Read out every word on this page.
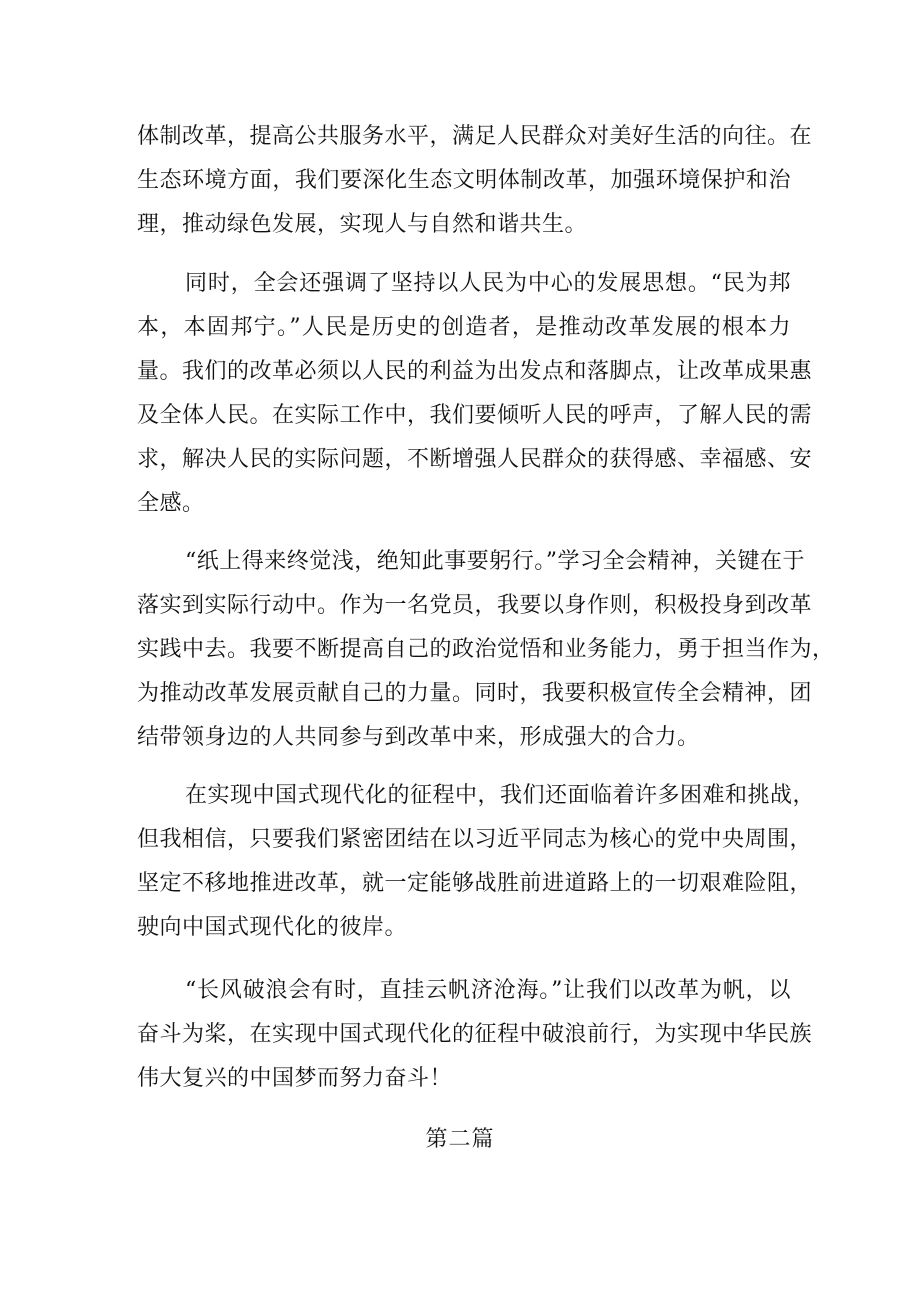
体制改革，提高公共服务水平，满足人民群众对美好生活的向往。在
生态环境方面，我们要深化生态文明体制改革，加强环境保护和治
理，推动绿色发展，实现人与自然和谐共生。
同时，全会还强调了坚持以人民为中心的发展思想。“民为邦
本，本固邦宁。”人民是历史的创造者，是推动改革发展的根本力
量。我们的改革必须以人民的利益为出发点和落脚点，让改革成果惠
及全体人民。在实际工作中，我们要倾听人民的呼声，了解人民的需
求，解决人民的实际问题，不断增强人民群众的获得感、幸福感、安
全感。
“纸上得来终觉浅，绝知此事要躬行。”学习全会精神，关键在于
落实到实际行动中。作为一名党员，我要以身作则，积极投身到改革
实践中去。我要不断提高自己的政治觉悟和业务能力，勇于担当作为，
为推动改革发展贡献自己的力量。同时，我要积极宣传全会精神，团
结带领身边的人共同参与到改革中来，形成强大的合力。
在实现中国式现代化的征程中，我们还面临着许多困难和挑战，
但我相信，只要我们紧密团结在以习近平同志为核心的党中央周围，
坚定不移地推进改革，就一定能够战胜前进道路上的一切艰难险阻，
驶向中国式现代化的彼岸。
“长风破浪会有时，直挂云帆济沧海。”让我们以改革为帆，以
奋斗为桨，在实现中国式现代化的征程中破浪前行，为实现中华民族
伟大复兴的中国梦而努力奋斗！
第二篇
